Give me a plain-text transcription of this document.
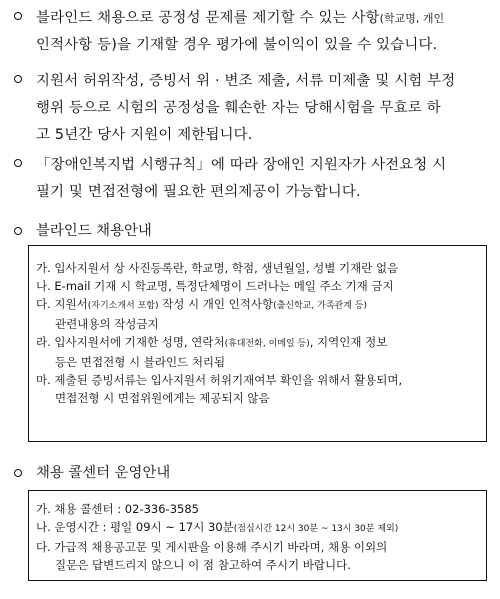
블라인드 채용으로 공정성 문제를 제기할 수 있는 사항(학교명, 개인
인적사항 등)을 기재할 경우 평가에 불이익이 있을 수 있습니다.
지원서 허위작성, 증빙서 위 · 변조 제출, 서류 미제출 및 시험 부정
행위 등으로 시험의 공정성을 훼손한 자는 당해시험을 무효로 하
고 5년간 당사 지원이 제한됩니다.
「장애인복지법 시행규칙」에 따라 장애인 지원자가 사전요청 시
필기 및 면접전형에 필요한 편의제공이 가능합니다.
블라인드 채용안내
가. 입사지원서 상 사진등록란, 학교명, 학점, 생년월일, 성별 기재란 없음
나. E-mail 기재 시 학교명, 특정단체명이 드러나는 메일 주소 기재 금지
다. 지원서(자기소개서 포함) 작성 시 개인 인적사항(출신학교, 가족관계 등)
관련내용의 작성금지
라. 입사지원서에 기재한 성명, 연락처(휴대전화, 이메일 등), 지역인재 정보
등은 면접전형 시 블라인드 처리됨
마. 제출된 증빙서류는 입사지원서 허위기재여부 확인을 위해서 활용되며,
면접전형 시 면접위원에게는 제공되지 않음
채용 콜센터 운영안내
가. 채용 콜센터 : 02-336-3585
나. 운영시간 : 평일 09시 ~ 17시 30분(점심시간 12시 30분 ~ 13시 30분 제외)
다. 가급적 채용공고문 및 게시판을 이용해 주시기 바라며, 채용 이외의
질문은 답변드리지 않으니 이 점 참고하여 주시기 바랍니다.
